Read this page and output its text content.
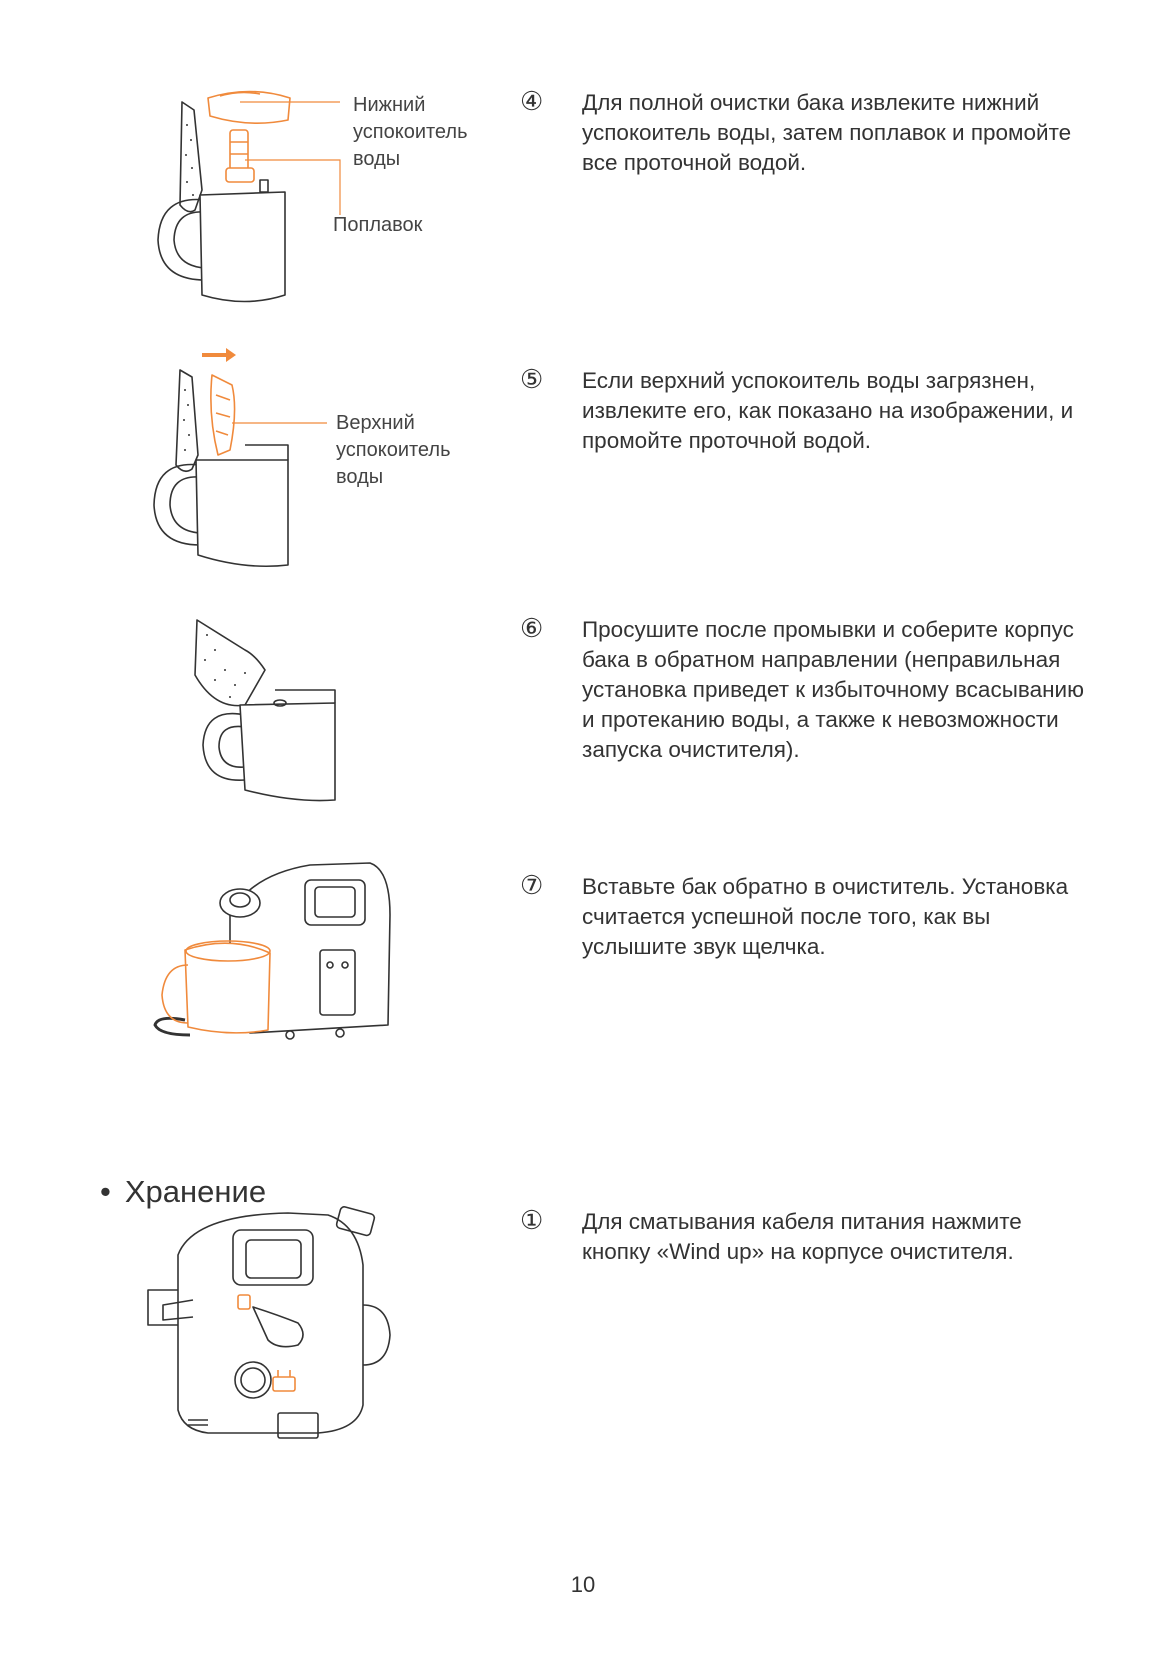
Нижний успокоитель воды
Поплавок
④ Для полной очистки бака извлеките нижний успокоитель воды, затем поплавок и промойте все проточной водой.
Верхний успокоитель воды
⑤ Если верхний успокоитель воды загрязнен, извлеките его, как показано на изображении, и промойте проточной водой.
⑥ Просушите после промывки и соберите корпус бака в обратном направлении (неправильная установка приведет к избыточному всасыванию и протеканию воды, а также к невозможности запуска очистителя).
⑦ Вставьте бак обратно в очиститель. Установка считается успешной после того, как вы услышите звук щелчка.
• Хранение
① Для сматывания кабеля питания нажмите кнопку «Wind up» на корпусе очистителя.
10
